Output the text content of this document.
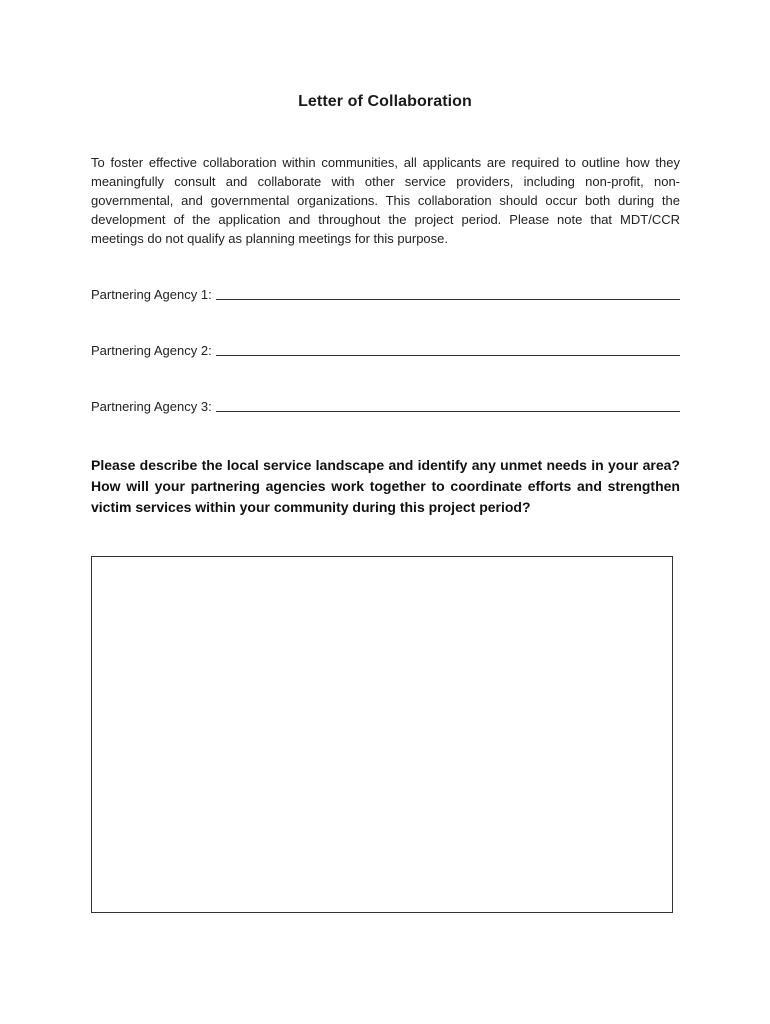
Letter of Collaboration

To foster effective collaboration within communities, all applicants are required to outline how they meaningfully consult and collaborate with other service providers, including non-profit, non-governmental, and governmental organizations. This collaboration should occur both during the development of the application and throughout the project period. Please note that MDT/CCR meetings do not qualify as planning meetings for this purpose.

Partnering Agency 1:
Partnering Agency 2:
Partnering Agency 3:

Please describe the local service landscape and identify any unmet needs in your area? How will your partnering agencies work together to coordinate efforts and strengthen victim services within your community during this project period?
